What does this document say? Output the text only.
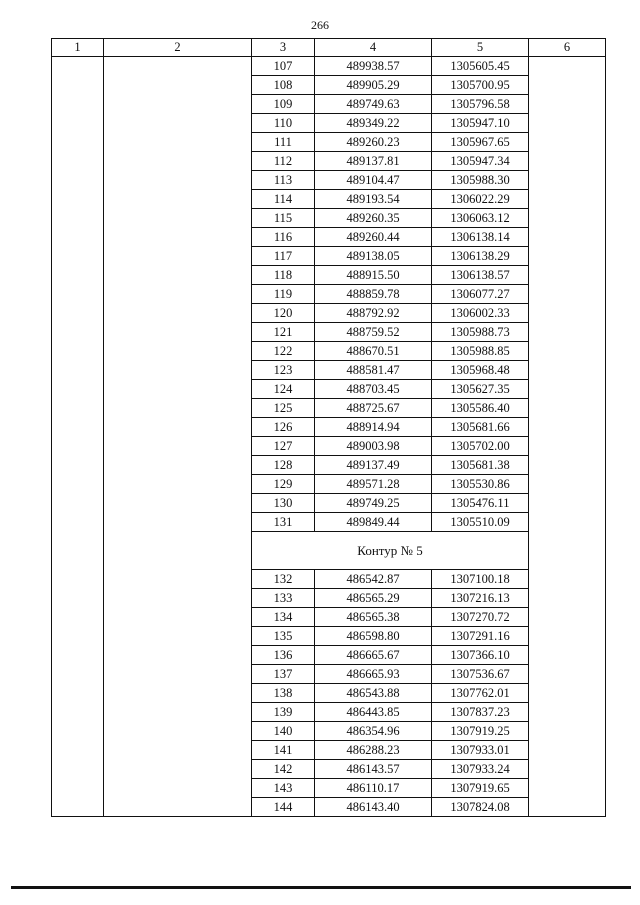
266
1	2	3	4	5	6
		107	489938.57	1305605.45	
		108	489905.29	1305700.95	
		109	489749.63	1305796.58	
		110	489349.22	1305947.10	
		111	489260.23	1305967.65	
		112	489137.81	1305947.34	
		113	489104.47	1305988.30	
		114	489193.54	1306022.29	
		115	489260.35	1306063.12	
		116	489260.44	1306138.14	
		117	489138.05	1306138.29	
		118	488915.50	1306138.57	
		119	488859.78	1306077.27	
		120	488792.92	1306002.33	
		121	488759.52	1305988.73	
		122	488670.51	1305988.85	
		123	488581.47	1305968.48	
		124	488703.45	1305627.35	
		125	488725.67	1305586.40	
		126	488914.94	1305681.66	
		127	489003.98	1305702.00	
		128	489137.49	1305681.38	
		129	489571.28	1305530.86	
		130	489749.25	1305476.11	
		131	489849.44	1305510.09	
		Контур № 5			
		132	486542.87	1307100.18	
		133	486565.29	1307216.13	
		134	486565.38	1307270.72	
		135	486598.80	1307291.16	
		136	486665.67	1307366.10	
		137	486665.93	1307536.67	
		138	486543.88	1307762.01	
		139	486443.85	1307837.23	
		140	486354.96	1307919.25	
		141	486288.23	1307933.01	
		142	486143.57	1307933.24	
		143	486110.17	1307919.65	
		144	486143.40	1307824.08	
